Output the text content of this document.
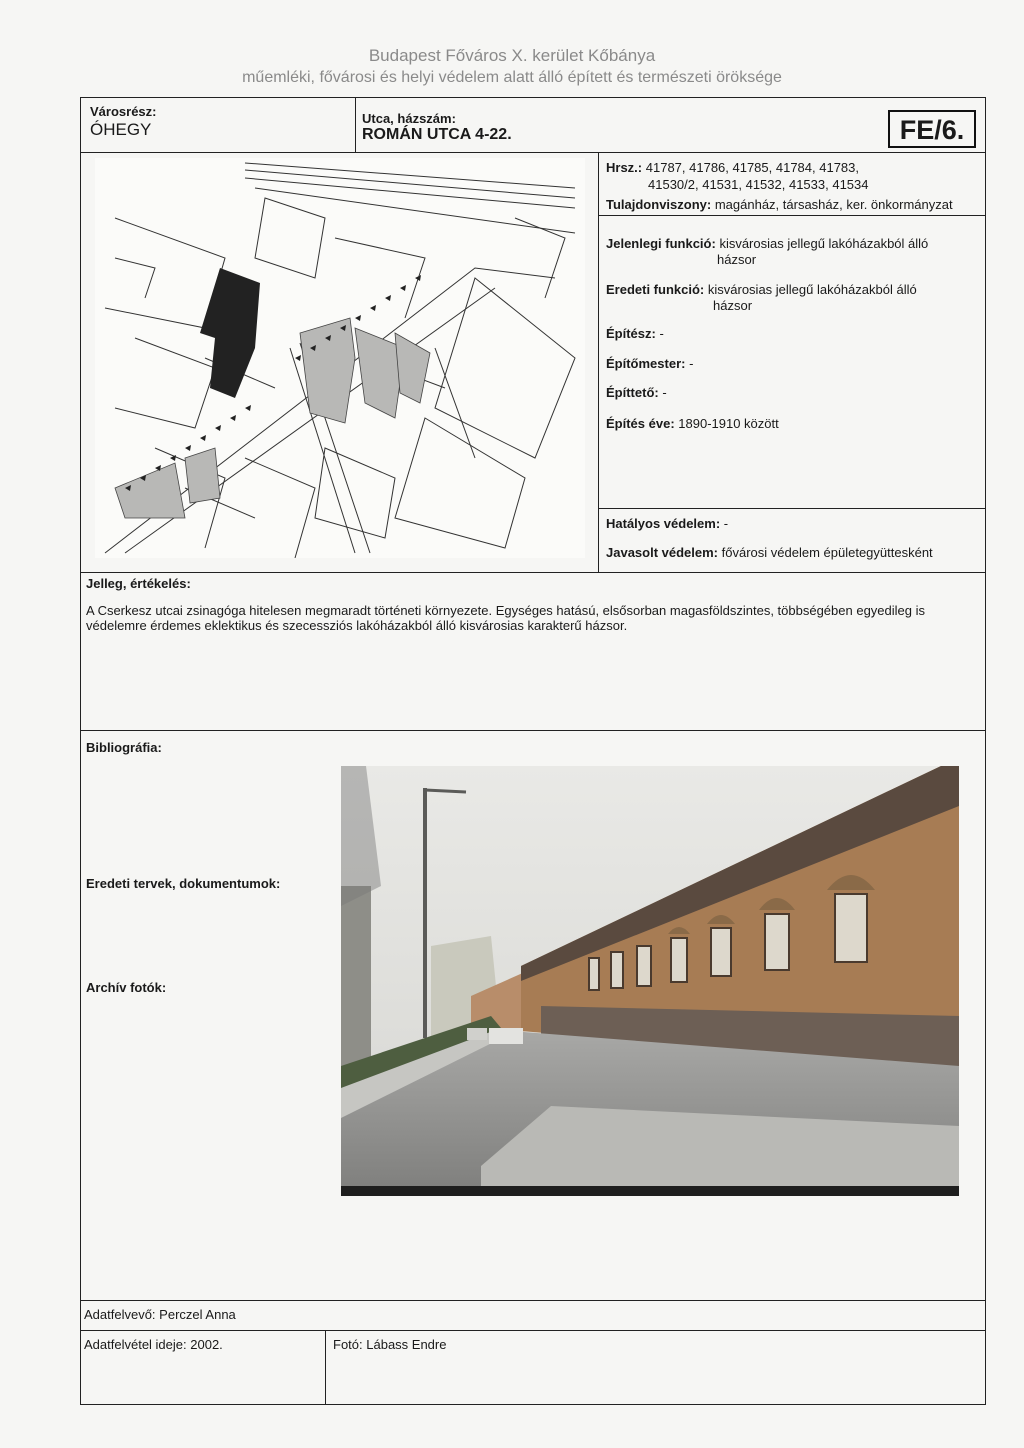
Budapest Főváros X. kerület Kőbánya
műemléki, fővárosi és helyi védelem alatt álló épített és természeti öröksége
Városrész:
ÓHEGY
Utca, házszám:
ROMÁN UTCA 4-22.	FE/6.
Hrsz.: 41787, 41786, 41785, 41784, 41783,
41530/2, 41531, 41532, 41533, 41534
Tulajdonviszony: magánház, társasház, ker. önkormányzat
Jelenlegi funkció: kisvárosias jellegű lakóházakból álló
házsor
Eredeti funkció: kisvárosias jellegű lakóházakból álló
házsor
Építész: -
Építőmester: -
Építtető: -
Építés éve: 1890-1910 között
Hatályos védelem: -
Javasolt védelem: fővárosi védelem épületegyüttesként
Jelleg, értékelés:
A Cserkesz utcai zsinagóga hitelesen megmaradt történeti környezete. Egységes hatású, elsősorban magasföldszintes, többségében egyedileg is védelemre érdemes eklektikus és szecessziós lakóházakból álló kisvárosias karakterű házsor.
Bibliográfia:
Eredeti tervek, dokumentumok:
Archív fotók:
Adatfelvevő: Perczel Anna
Adatfelvétel ideje: 2002.	Fotó: Lábass Endre
